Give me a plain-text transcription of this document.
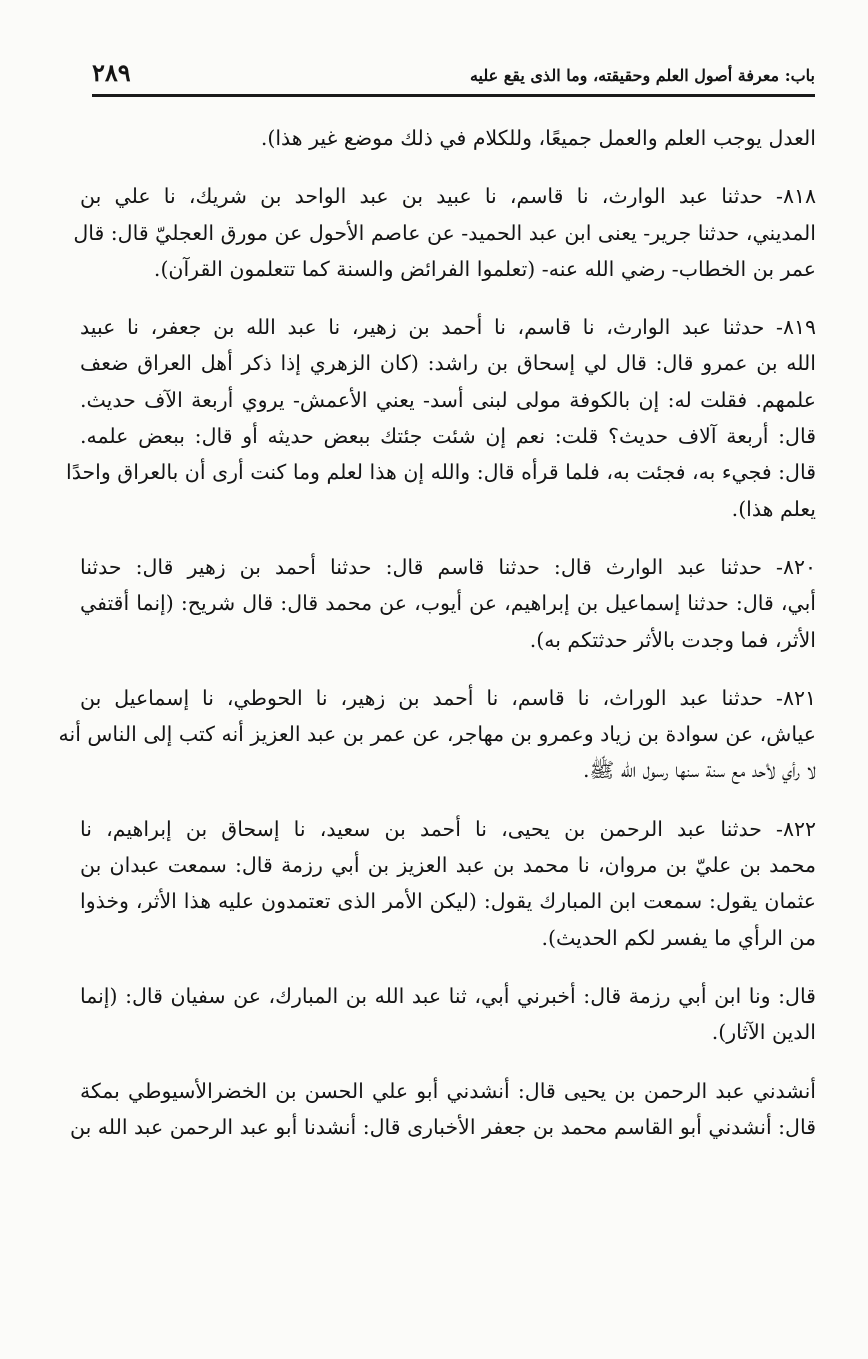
باب: معرفة أصول العلم وحقيقته، وما الذى يقع عليه
٢٨٩

العدل يوجب العلم والعمل جميعًا، وللكلام في ذلك موضع غير هذا).

٨١٨- حدثنا عبد الوارث، نا قاسم، نا عبيد بن عبد الواحد بن شريك، نا علي بن
المديني، حدثنا جرير- يعنى ابن عبد الحميد- عن عاصم الأحول عن مورق العجليّ قال: قال
عمر بن الخطاب- رضي الله عنه- (تعلموا الفرائض والسنة كما تتعلمون القرآن).

٨١٩- حدثنا عبد الوارث، نا قاسم، نا أحمد بن زهير، نا عبد الله بن جعفر، نا عبيد
الله بن عمرو قال: قال لي إسحاق بن راشد: (كان الزهري إذا ذكر أهل العراق ضعف
علمهم. فقلت له: إن بالكوفة مولى لبنى أسد- يعني الأعمش- يروي أربعة الآف حديث.
قال: أربعة آلاف حديث؟ قلت: نعم إن شئت جئتك ببعض حديثه أو قال: ببعض علمه.
قال: فجيء به، فجئت به، فلما قرأه قال: والله إن هذا لعلم وما كنت أرى أن بالعراق واحدًا
يعلم هذا).

٨٢٠- حدثنا عبد الوارث قال: حدثنا قاسم قال: حدثنا أحمد بن زهير قال: حدثنا
أبي، قال: حدثنا إسماعيل بن إبراهيم، عن أيوب، عن محمد قال: قال شريح: (إنما أقتفي
الأثر، فما وجدت بالأثر حدثتكم به).

٨٢١- حدثنا عبد الوراث، نا قاسم، نا أحمد بن زهير، نا الحوطي، نا إسماعيل بن
عياش، عن سوادة بن زياد وعمرو بن مهاجر، عن عمر بن عبد العزيز أنه كتب إلى الناس أنه
لا رأي لأحد مع سنة سنها رسول الله ﷺ.

٨٢٢- حدثنا عبد الرحمن بن يحيى، نا أحمد بن سعيد، نا إسحاق بن إبراهيم، نا
محمد بن عليّ بن مروان، نا محمد بن عبد العزيز بن أبي رزمة قال: سمعت عبدان بن
عثمان يقول: سمعت ابن المبارك يقول: (ليكن الأمر الذى تعتمدون عليه هذا الأثر، وخذوا
من الرأي ما يفسر لكم الحديث).

قال: ونا ابن أبي رزمة قال: أخبرني أبي، ثنا عبد الله بن المبارك، عن سفيان قال: (إنما
الدين الآثار).

أنشدني عبد الرحمن بن يحيى قال: أنشدني أبو علي الحسن بن الخضرالأسيوطي بمكة
قال: أنشدني أبو القاسم محمد بن جعفر الأخبارى قال: أنشدنا أبو عبد الرحمن عبد الله بن
